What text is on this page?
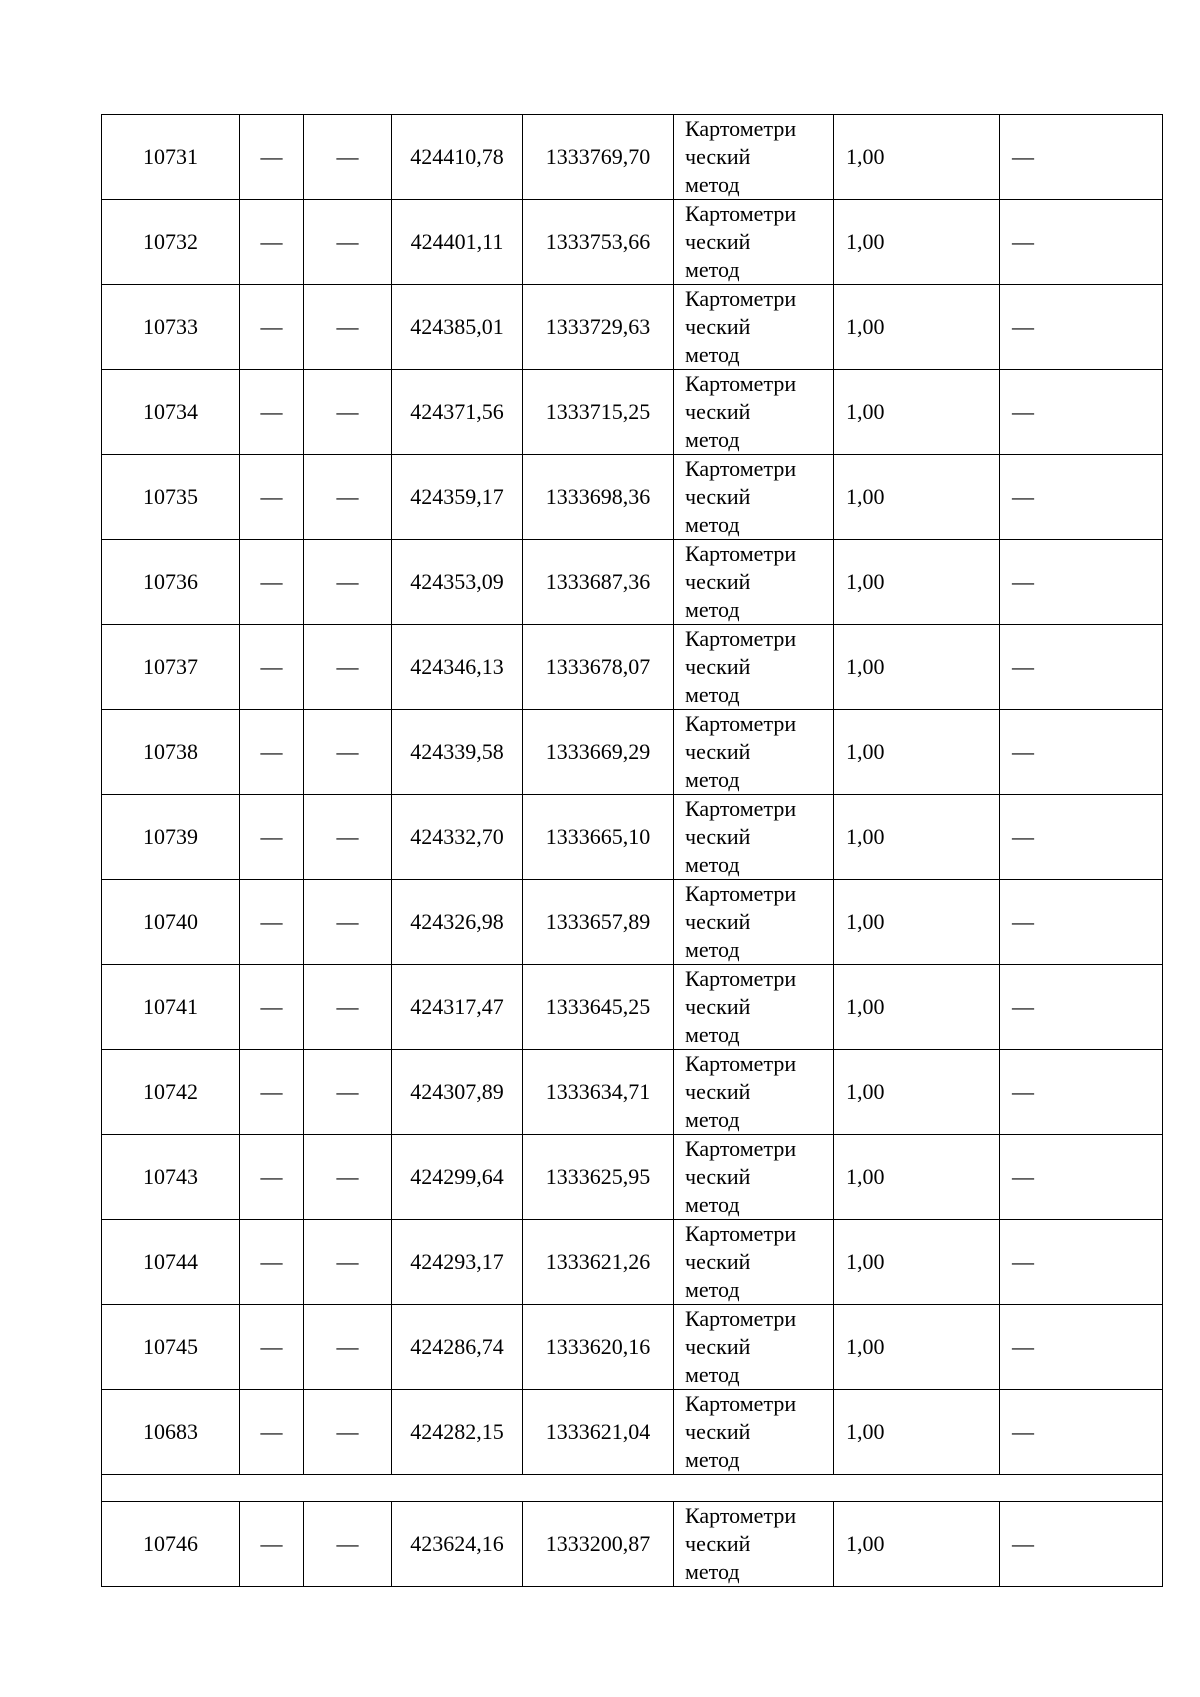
10731	—	—	424410,78	1333769,70	Картометри
ческий
метод	1,00	—
10732	—	—	424401,11	1333753,66	Картометри
ческий
метод	1,00	—
10733	—	—	424385,01	1333729,63	Картометри
ческий
метод	1,00	—
10734	—	—	424371,56	1333715,25	Картометри
ческий
метод	1,00	—
10735	—	—	424359,17	1333698,36	Картометри
ческий
метод	1,00	—
10736	—	—	424353,09	1333687,36	Картометри
ческий
метод	1,00	—
10737	—	—	424346,13	1333678,07	Картометри
ческий
метод	1,00	—
10738	—	—	424339,58	1333669,29	Картометри
ческий
метод	1,00	—
10739	—	—	424332,70	1333665,10	Картометри
ческий
метод	1,00	—
10740	—	—	424326,98	1333657,89	Картометри
ческий
метод	1,00	—
10741	—	—	424317,47	1333645,25	Картометри
ческий
метод	1,00	—
10742	—	—	424307,89	1333634,71	Картометри
ческий
метод	1,00	—
10743	—	—	424299,64	1333625,95	Картометри
ческий
метод	1,00	—
10744	—	—	424293,17	1333621,26	Картометри
ческий
метод	1,00	—
10745	—	—	424286,74	1333620,16	Картометри
ческий
метод	1,00	—
10683	—	—	424282,15	1333621,04	Картометри
ческий
метод	1,00	—

10746	—	—	423624,16	1333200,87	Картометри
ческий
метод	1,00	—
